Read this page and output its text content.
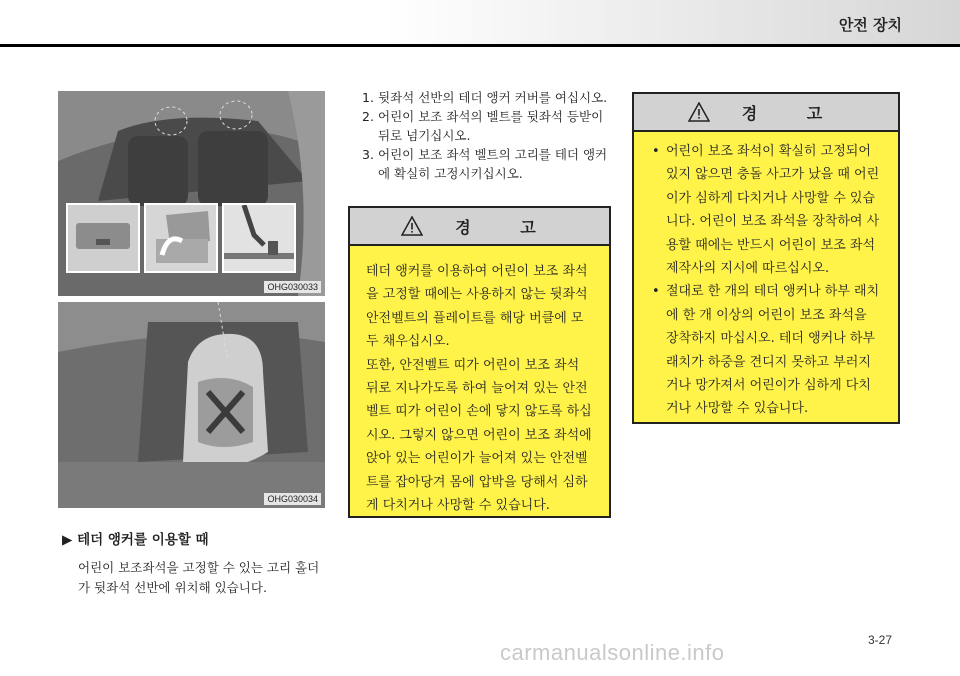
안전 장치
OHG030033
OHG030034
1. 뒷좌석 선반의 테더 앵커 커버를 여십시오.
2. 어린이 보조 좌석의 벨트를 뒷좌석 등받이 뒤로 넘기십시오.
3. 어린이 보조 좌석 벨트의 고리를 테더 앵커에 확실히 고정시키십시오.
경 고

테더 앵커를 이용하여 어린이 보조 좌석을 고정할 때에는 사용하지 않는 뒷좌석 안전벨트의 플레이트를 해당 버클에 모두 채우십시오.

또한, 안전벨트 띠가 어린이 보조 좌석 뒤로 지나가도록 하여 늘어져 있는 안전벨트 띠가 어린이 손에 닿지 않도록 하십시오. 그렇지 않으면 어린이 보조 좌석에 앉아 있는 어린이가 늘어져 있는 안전벨트를 잡아당겨 몸에 압박을 당해서 심하게 다치거나 사망할 수 있습니다.

경 고
• 어린이 보조 좌석이 확실히 고정되어 있지 않으면 충돌 사고가 났을 때 어린이가 심하게 다치거나 사망할 수 있습니다. 어린이 보조 좌석을 장착하여 사용할 때에는 반드시 어린이 보조 좌석 제작사의 지시에 따르십시오.
• 절대로 한 개의 테더 앵커나 하부 래치에 한 개 이상의 어린이 보조 좌석을 장착하지 마십시오. 테더 앵커나 하부 래치가 하중을 견디지 못하고 부러지거나 망가져서 어린이가 심하게 다치거나 사망할 수 있습니다.
▶ 테더 앵커를 이용할 때
어린이 보조좌석을 고정할 수 있는 고리 홀더가 뒷좌석 선반에 위치해 있습니다.
3-27
carmanualsonline.info
